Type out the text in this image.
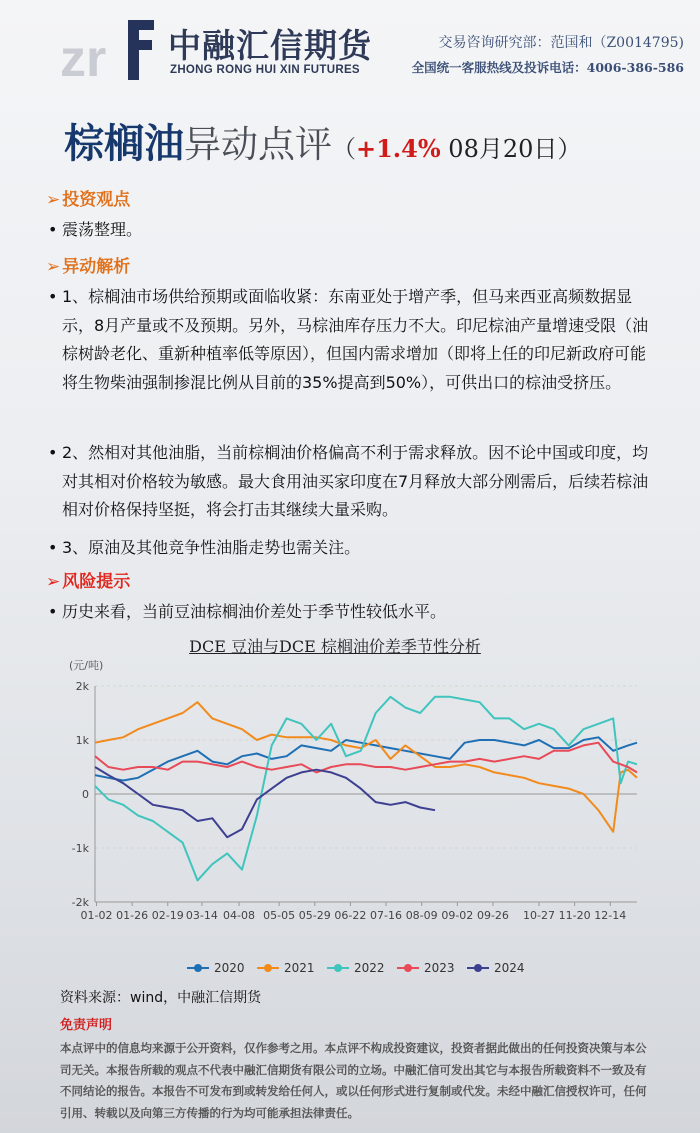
zr 中融汇信期货
ZHONG RONG HUI XIN FUTURES
交易咨询研究部：范国和（Z0014795)
全国统一客服热线及投诉电话：4006-386-586
棕榈油异动点评（+1.4% 08月20日）
➢ 投资观点
• 震荡整理。
➢ 异动解析
• 1、棕榈油市场供给预期或面临收紧：东南亚处于增产季，但马来西亚高频数据显示，8月产量或不及预期。另外，马棕油库存压力不大。印尼棕油产量增速受限（油棕树龄老化、重新种植率低等原因），但国内需求增加（即将上任的印尼新政府可能将生物柴油强制掺混比例从目前的35%提高到50%），可供出口的棕油受挤压。
• 2、然相对其他油脂，当前棕榈油价格偏高不利于需求释放。因不论中国或印度，均对其相对价格较为敏感。最大食用油买家印度在7月释放大部分刚需后，后续若棕油相对价格保持坚挺，将会打击其继续大量采购。
• 3、原油及其他竞争性油脂走势也需关注。
➢ 风险提示
• 历史来看，当前豆油棕榈油价差处于季节性较低水平。
DCE 豆油与DCE 棕榈油价差季节性分析
(元/吨)
-2k
-1k
0
1k
2k
01-02 01-26 02-19 03-14 04-08 05-05 05-29 06-22 07-16 08-09 09-02 09-26 10-27 11-20 12-14
2020	2021	2022	2023	2024
资料来源：wind，中融汇信期货
免责声明
本点评中的信息均来源于公开资料，仅作参考之用。本点评不构成投资建议，投资者据此做出的任何投资决策与本公司无关。本报告所载的观点不代表中融汇信期货有限公司的立场。中融汇信可发出其它与本报告所载资料不一致及有不同结论的报告。本报告不可发布到或转发给任何人，或以任何形式进行复制或代发。未经中融汇信授权许可，任何引用、转载以及向第三方传播的行为均可能承担法律责任。
